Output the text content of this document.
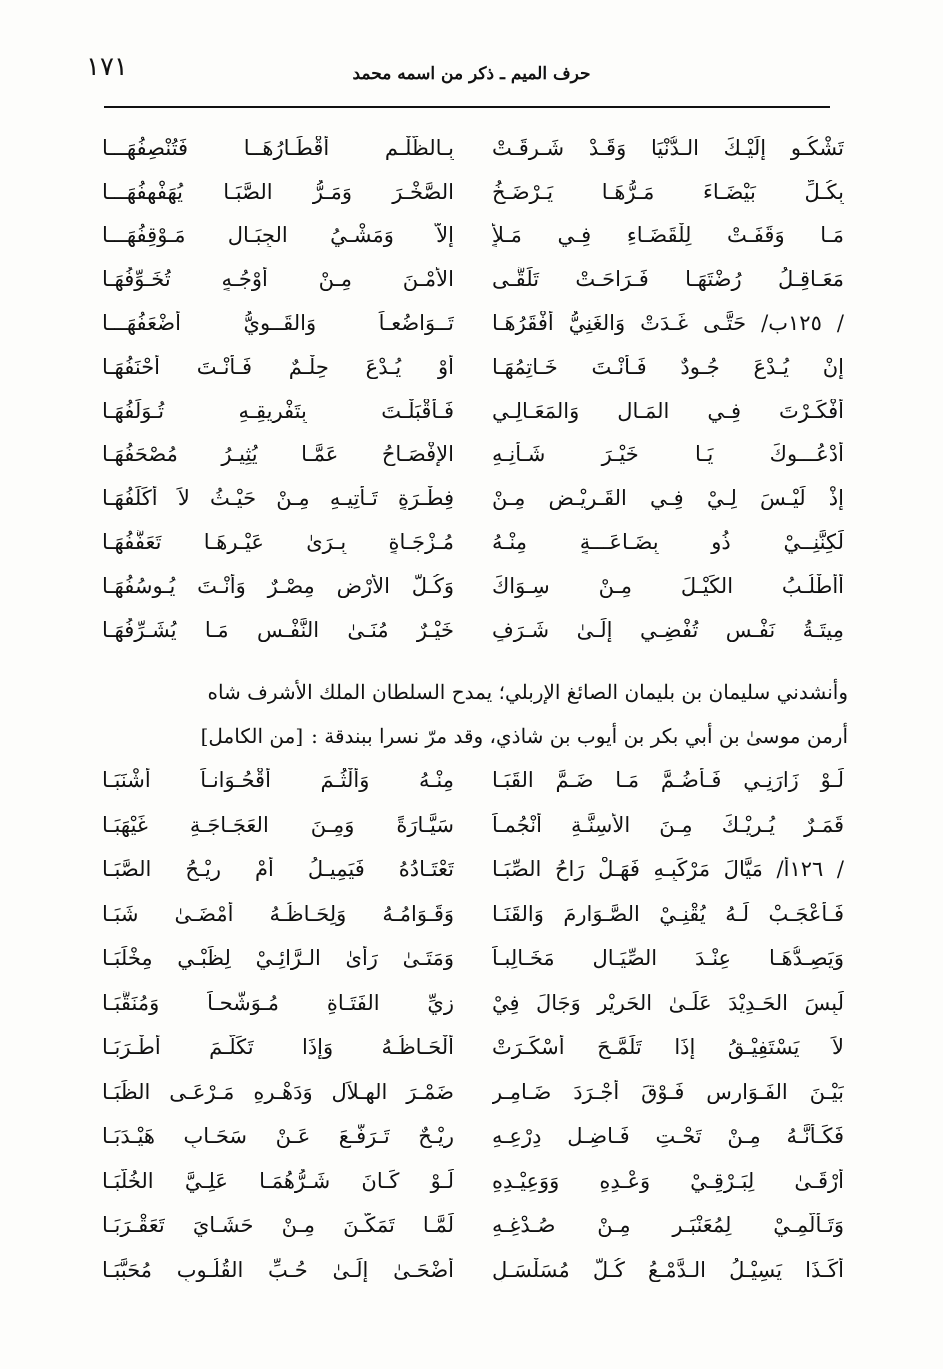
١٧١	حرف الميم ـ ذكر من اسمه محمد
تَشْكُـو إِلَيْـكَ الـدُّنْيَا وَقَـدْ شَـرِقَـتْ
بِـالظُّلْـمِ أَقْطَـارُهَــا فَتُنْصِفُهَـــا
بِكُـلِّ بَيْضَـاءَ مَـرُّهَـا يَـرْضَـخُ
الصَّخْـرَ وَمَـرُّ الصَّبَـا يُهَفْهِفُهَـــا
مَـا وَقَفَـتْ لِلْقَضَـاءِ فِـي مَـلأٍ
إِلاَّ وَمَشْـيُ الجِبَـالِ مَـوْقِفُهَـــا
مَعَـاقِـلُ رُضْتَهَـا فَـرَاحَـتْ تَلَقَّـى
الأَمْـنَ مِـنْ أَوْجُـهٍ تُخَـوِّفُهَـا
/ ١٢٥ب/ حَتَّـى غَـدَتْ وَالغَنِيُّ أَفْقَرُهَـا
تَــوَاضُعـاً وَالقَــوِيُّ أَضْعَفُهَـــا
إِنْ يُـدْعَ جُـودٌ فَـأَنْـتَ خَـاتِمُهَـا
أَوْ يُـدْعَ حِلْـمٌ فَـأَنْـتَ أَحْنَفُهَـا
أَفْكَـرْتَ فِـي المَـالِ وَالمَعَـالِـي
فَـأَقْبَلْـتَ بِتَفْرِيقِـهِ تُـوَلِّفُهَـا
أَدْعُـــوكَ يَـا خَيْـرَ شَـأْنِـهِ
الإِفْصَـاحُ عَمَّـا يُثِيـرُ مُصْحَفُهَـا
إِذْ لَيْـسَ لِـيْ فِـي القَـرِيْـضِ مِـنْ
فِطْـرَةٍ تَـأْتِيـهِ مِـنْ حَيْـثُ لاَ أُكَلِّفُهَـا
لَكِنَّنِــيْ ذُو بِضَـاعَـــةٍ مِنْـهُ
مُـزْجَـاةٍ بِـرَىٰ عَيْـرِهَـا تَعَفُّفُهَـا
أَأَطْلُـبُ الكَيْـلَ مِـنْ سِـوَاكَ
وَكُـلُّ الأَرْضِ مِصْـرٌ وَأَنْـتَ يُـوسُفُهَـا
مِيتَـةُ نَفْـسٍ تُفْضِـي إِلَـىٰ شَـرَفٍ
خَيْـرٌ مُنَـىٰ النَّفْـسِ مَـا يُشَـرِّفُهَـا

وأنشدني سليمان بن بليمان الصائغ الإربلي؛ يمدح السلطان الملك الأشرف شاه

أرمن موسىٰ بن أبي بكر بن أيوب بن شاذي، وقد مرّ نسرا ببندقة :[من الكامل]

لَـوْ زَارَنِـي فَـأَضُـمَّ مَـا ضَـمَّ القَبَـا
مِنْـهُ وَأَلْثُـمَ أُقْحُـوَانـاً أَشْنَبَـا
قَمَـرٌ يُـرِيْـكَ مِـنَ الأَسِنَّـةِ أَنْجُمـاً
سَيَّـارَةً وَمِـنَ العَجَـاجَـةِ غَيْهَبَـا
/ ١٢٦أ/ مَيَّالَ مَرْكَبِـهِ فَهَـلْ رَاحُ الصِّبَـا
تَعْتَـادُهُ فَيَمِيـلُ أَمْ رِيْـحُ الصَّبَـا
فَـأَعْجَـبْ لَـهُ يُقْنِـيْ الصَّـوَارِمَ وَالقَنَـا
وَقَـوَامُـهُ وَلِحَـاظُـهُ أَمْضَـىٰ شَبَـا
وَيَصِـدُّهَـا عِنْـدَ الصِّيَـالِ مَخَـالِبـاً
وَمَتَـىٰ رَأَىٰ الـرَّائِـيْ لِظَبْـيٍ مِخْلَبَـا
لَبِسَ الحَـدِيْدَ عَلَـىٰ الحَرِيْرِ وَجَالَ فِيْ
زِيِّ الفَتَـاةِ مُـوَشَّحـاً وَمُنَقَّبَـا
لاَ يَسْتَفِيْـقُ إِذَا تَلَمَّـحَ أَسْكَـرَتْ
أَلْحَـاظُـهُ وَإِذَا تَكَلَّـمَ أَطْـرَبَـا
بَيْـنَ الفَـوَارِسِ فَـوْقَ أَجْـرَدَ ضَـامِـرٍ
ضَمْـرَ الهِـلاَلِ وَدَهْـرِهِ مَـرْعَـى الظِّبَـا
فَكَـأَنَّـهُ مِـنْ تَحْـتِ فَـاضِـلِ دِرْعِـهِ
رِيْـحٌ تَـرَفَّـعَ عَـنْ سَحَـابٍ هَيْـدَبَـا
أَرْقَـىٰ لِبَـرْقِـيْ وَعْـدِهِ وَوَعِيْـدِهِ
لَـوْ كَـانَ شَـرُّهُمَـا عَلِـيَّ الخُلَّبَـا
وَتَـأَلُّمِـيْ لِمُعَنْبَـرٍ مِـنْ صُـدْغِـهِ
لَمَّـا تَمَكَّـنَ مِـنْ حَشَـايَ تَعَقْـرَبَـا
أَكَـذَا يَسِيْـلُ الـدَّمْـعُ كُـلَّ مُسَلْسَـلٍ
أَضْحَـىٰ إِلَـىٰ حُـبِّ القُلُـوبِ مُحَبَّبَـا
